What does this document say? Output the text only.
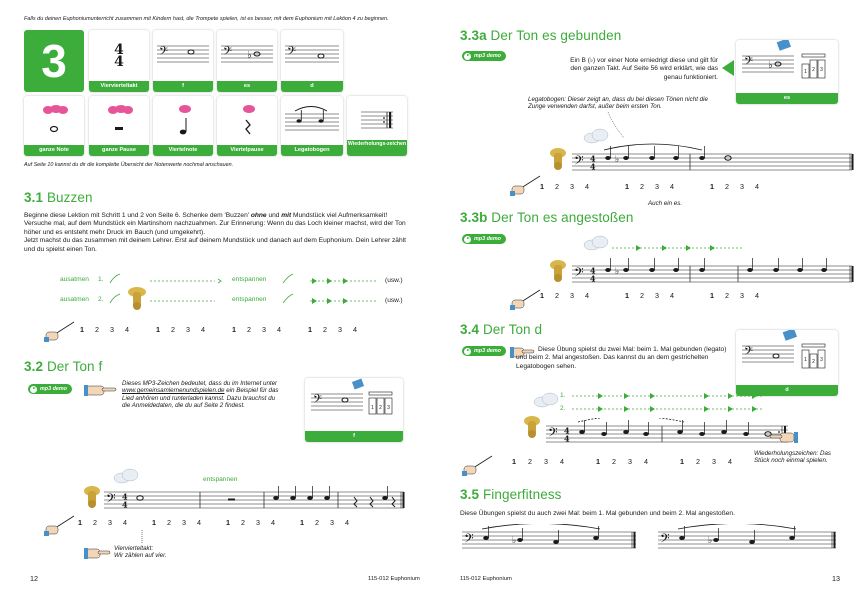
Falls du deinen Euphoniumunterricht zusammen mit Kindern hast, die Trompete spielen, ist es besser, mit dem Euphonium mit Lektion 4 zu beginnen.
3	4
4
Viervierteltakt
𝄢
f
𝄢 ♭
es
𝄢
d
ganze Note	ganze Pause	Viertelnote	Viertelpause	Legatobogen
Wiederholungs-zeichen
Auf Seite 10 kannst du dir die komplette Übersicht der Notenwerte nochmal anschauen.
3.1 Buzzen
Beginne diese Lektion mit Schritt 1 und 2 von Seite 6. Schenke dem 'Buzzen' ohne und mit Mundstück viel Aufmerksamkeit! Versuche mal, auf dem Mundstück ein Martinshorn nachzuahmen. Zur Erinnerung: Wenn du das Loch kleiner machst, wird der Ton höher und es entsteht mehr Druck im Bauch (und umgekehrt).
Jetzt machst du das zusammen mit deinem Lehrer. Erst auf deinem Mundstück und danach auf dem Euphonium. Dein Lehrer zählt und du spielst einen Ton.
ausatmen 1.
ausatmen 2.
entspannen
entspannen
(usw.)
(usw.)
1 2 3 4	1 2 3 4	1 2 3 4	1 2 3 4
3.2 Der Ton f
mp3 demo
Dieses MP3-Zeichen bedeutet, dass du im Internet unter www.gemeinsamlernenundspielen.de ein Beispiel für das Lied anhören und runterladen kannst. Dazu brauchst du die Anmeldedaten, die du auf Seite 2 findest.	𝄢	1 2 3
f
entspannen
𝄢 4
4
1 2 3 4	1 2 3 4	1 2 3 4	1 2 3 4
Viervierteltakt:
Wir zählen auf vier.
12	115-012 Euphonium
3.3a Der Ton es gebunden
mp3 demo
Ein B (♭) vor einer Note erniedrigt diese und gilt für den ganzen Takt. Auf Seite 56 wird erklärt, wie das genau funktioniert.
𝄢 ♭
1 2 3
es
Legatobogen: Dieser zeigt an, dass du bei diesen Tönen nicht die Zunge verwenden darfst, außer beim ersten Ton.
𝄢 4
4
♭
1 2 3 4	1 2 3 4	1 2 3 4
Auch ein es.
3.3b Der Ton es angestoßen
mp3 demo
𝄢 4
4
♭
1 2 3 4	1 2 3 4	1 2 3 4
3.4 Der Ton d
mp3 demo	Diese Übung spielst du zwei Mal: beim 1. Mal gebunden (legato) und beim 2. Mal angestoßen. Das kannst du an dem gestrichelten Legatobogen sehen.
𝄢	1 2 3
d
1.
2.
𝄢 4
4
Wiederholungszeichen: Das
Stück noch einmal spielen.
1 2 3 4	1 2 3 4	1 2 3 4
3.5 Fingerfitness
Diese Übungen spielst du auch zwei Mal: beim 1. Mal gebunden und beim 2. Mal angestoßen.
𝄢	𝄢
♭	♭
115-012 Euphonium	13
